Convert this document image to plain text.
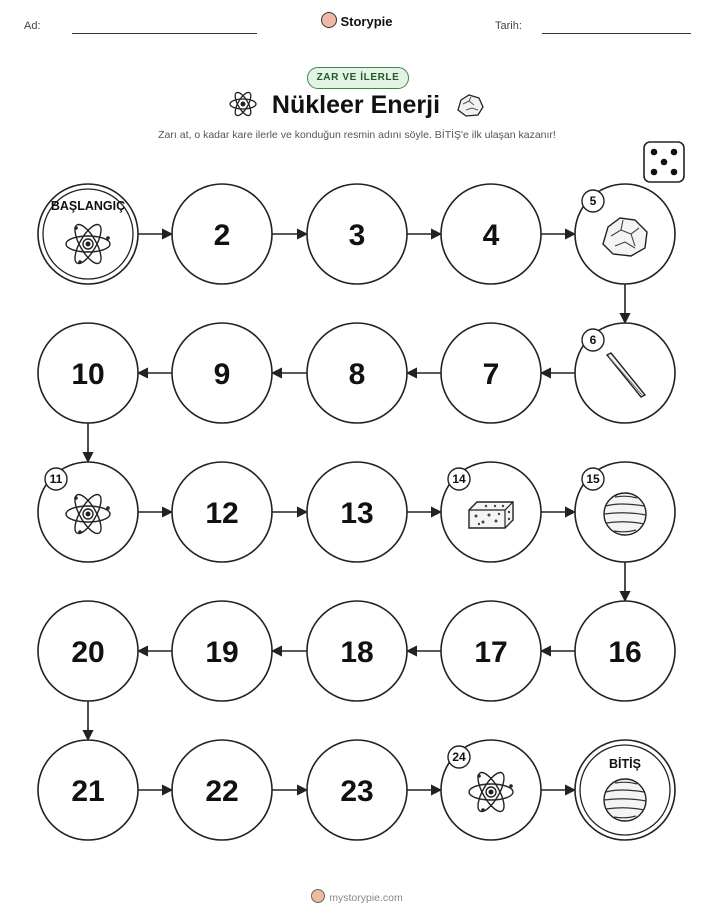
Ad:	Storypie	Tarih:
ZAR VE İLERLE
Nükleer Enerji
Zarı at, o kadar kare ilerle ve konduğun resmin adını söyle. BİTİŞ'e ilk ulaşan kazanır!
BAŞLANGIÇ
2	3	4
5
6
7
8
9
10
11
12	13
14	15
16
17
18
19
20
21	22	23
24	BİTİŞ
mystorypie.com
